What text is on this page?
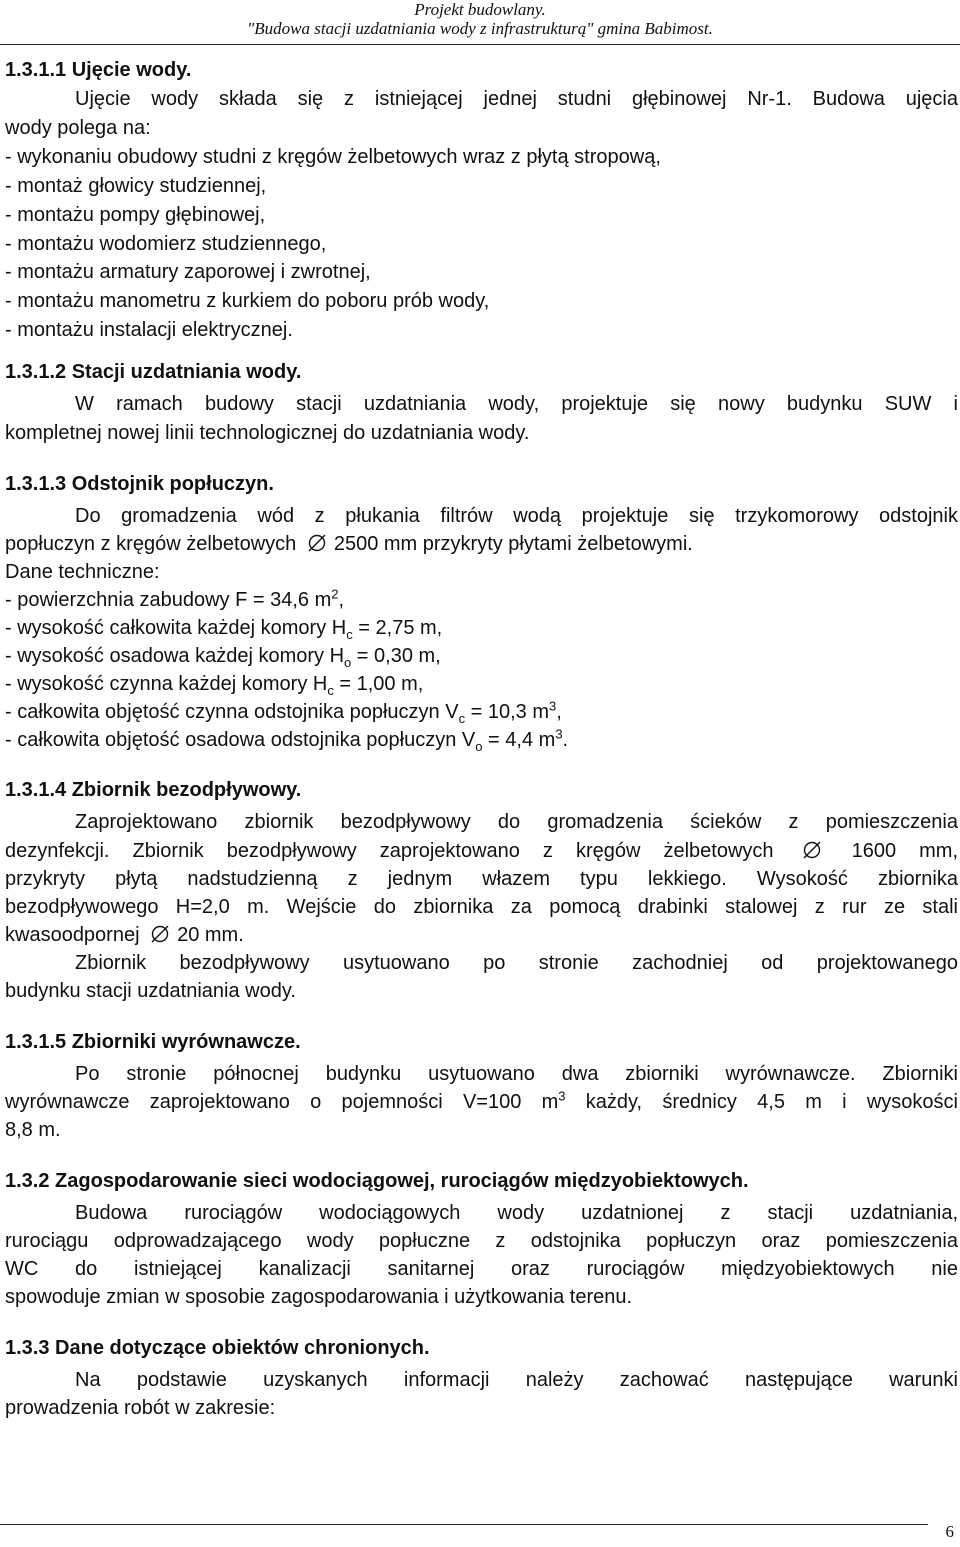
Projekt budowlany.
"Budowa stacji uzdatniania wody z infrastrukturą" gmina Babimost.
1.3.1.1 Ujęcie wody.
Ujęcie wody składa się z istniejącej jednej studni głębinowej Nr-1. Budowa ujęcia
wody polega na:
- wykonaniu obudowy studni z kręgów żelbetowych wraz z płytą stropową,
- montaż głowicy studziennej,
- montażu pompy głębinowej,
- montażu wodomierz studziennego,
- montażu armatury zaporowej i zwrotnej,
- montażu manometru z kurkiem do poboru prób wody,
- montażu instalacji elektrycznej.
1.3.1.2 Stacji uzdatniania wody.
W ramach budowy stacji uzdatniania wody, projektuje się nowy budynku SUW i
kompletnej nowej linii technologicznej do uzdatniania wody.
1.3.1.3 Odstojnik popłuczyn.
Do gromadzenia wód z płukania filtrów wodą projektuje się trzykomorowy odstojnik
popłuczyn z kręgów żelbetowych 2500 mm przykryty płytami żelbetowymi.
Dane techniczne:
- powierzchnia zabudowy F = 34,6 $m^2$,
- wysokość całkowita każdej komory $H_c = 2,75$ m,
- wysokość osadowa każdej komory $H_o = 0,30$ m,
- wysokość czynna każdej komory $H_c = 1,00$ m,
- całkowita objętość czynna odstojnika popłuczyn $V_c = 10,3$ $m^3$,
- całkowita objętość osadowa odstojnika popłuczyn $V_o = 4,4$ $m^3$.
1.3.1.4 Zbiornik bezodpływowy.
Zaprojektowano zbiornik bezodpływowy do gromadzenia ścieków z pomieszczenia
dezynfekcji. Zbiornik bezodpływowy zaprojektowano z kręgów żelbetowych	1600 mm,
przykryty płytą nadstudzienną z jednym włazem typu lekkiego. Wysokość zbiornika
bezodpływowego H=2,0 m. Wejście do zbiornika za pomocą drabinki stalowej z rur ze stali
kwasoodpornej 20 mm.
Zbiornik bezodpływowy usytuowano po stronie zachodniej od projektowanego
budynku stacji uzdatniania wody.
1.3.1.5 Zbiorniki wyrównawcze.
Po stronie północnej budynku usytuowano dwa zbiorniki wyrównawcze. Zbiorniki
wyrównawcze zaprojektowano o pojemności V=100 $m^3$ każdy, średnicy 4,5 m i wysokości
8,8 m.
1.3.2 Zagospodarowanie sieci wodociągowej, rurociągów międzyobiektowych.
Budowa rurociągów wodociągowych wody uzdatnionej z stacji uzdatniania,
rurociągu odprowadzającego wody popłuczne z odstojnika popłuczyn oraz pomieszczenia
WC do istniejącej kanalizacji sanitarnej oraz rurociągów międzyobiektowych nie
spowoduje zmian w sposobie zagospodarowania i użytkowania terenu.
1.3.3 Dane dotyczące obiektów chronionych.
Na podstawie uzyskanych informacji należy zachować następujące warunki
prowadzenia robót w zakresie:
6
